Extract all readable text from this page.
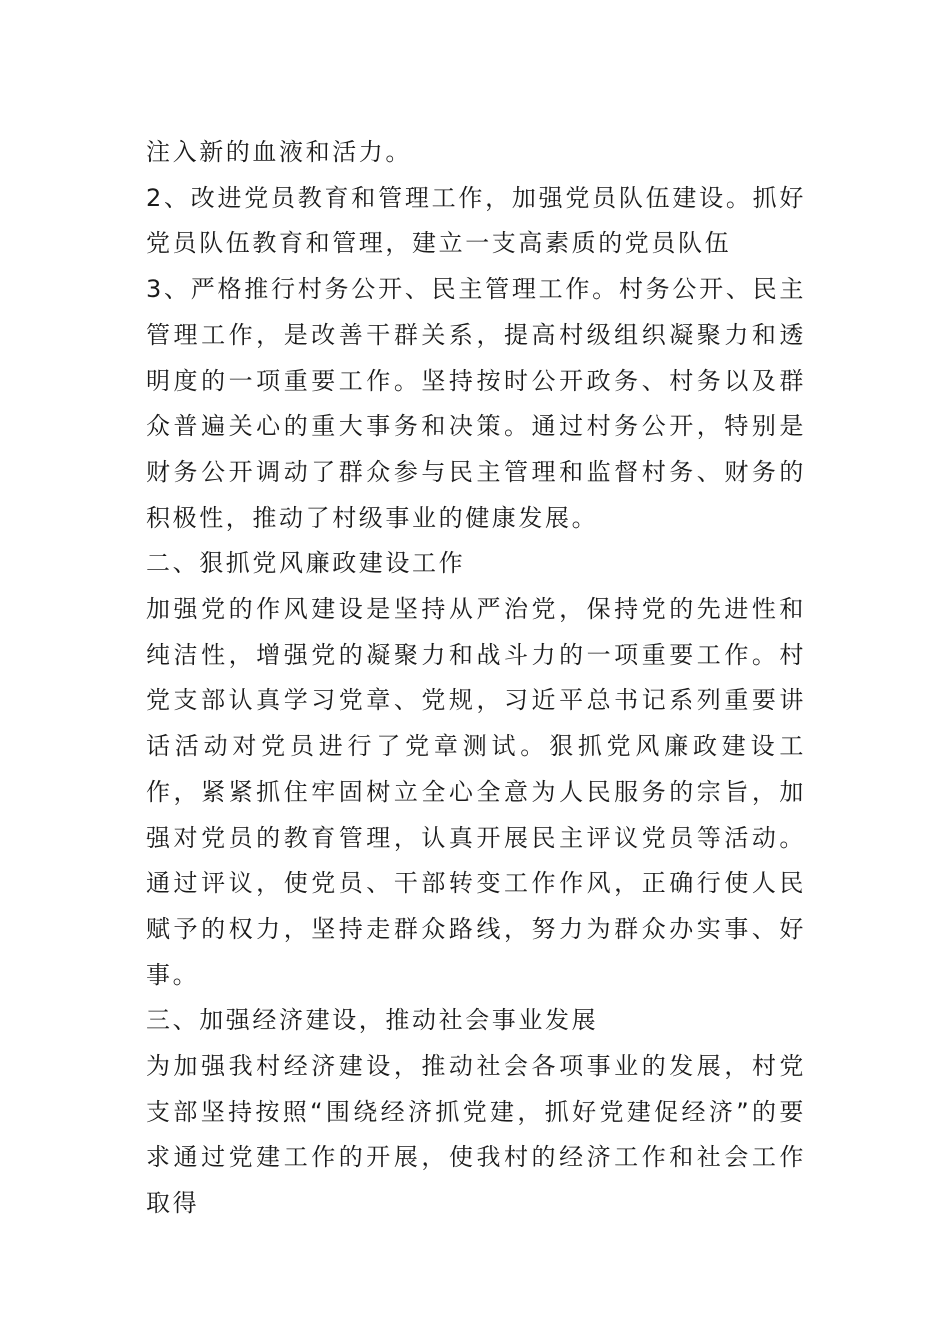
注入新的血液和活力。

2、改进党员教育和管理工作，加强党员队伍建设。抓好党员队伍教育和管理，建立一支高素质的党员队伍

3、严格推行村务公开、民主管理工作。村务公开、民主管理工作，是改善干群关系，提高村级组织凝聚力和透明度的一项重要工作。坚持按时公开政务、村务以及群众普遍关心的重大事务和决策。通过村务公开，特别是财务公开调动了群众参与民主管理和监督村务、财务的积极性，推动了村级事业的健康发展。

二、狠抓党风廉政建设工作

加强党的作风建设是坚持从严治党，保持党的先进性和纯洁性，增强党的凝聚力和战斗力的一项重要工作。村党支部认真学习党章、党规，习近平总书记系列重要讲话活动对党员进行了党章测试。狠抓党风廉政建设工作，紧紧抓住牢固树立全心全意为人民服务的宗旨，加强对党员的教育管理，认真开展民主评议党员等活动。通过评议，使党员、干部转变工作作风，正确行使人民赋予的权力，坚持走群众路线，努力为群众办实事、好事。

三、加强经济建设，推动社会事业发展

为加强我村经济建设，推动社会各项事业的发展，村党支部坚持按照“围绕经济抓党建，抓好党建促经济”的要求通过党建工作的开展，使我村的经济工作和社会工作取得
